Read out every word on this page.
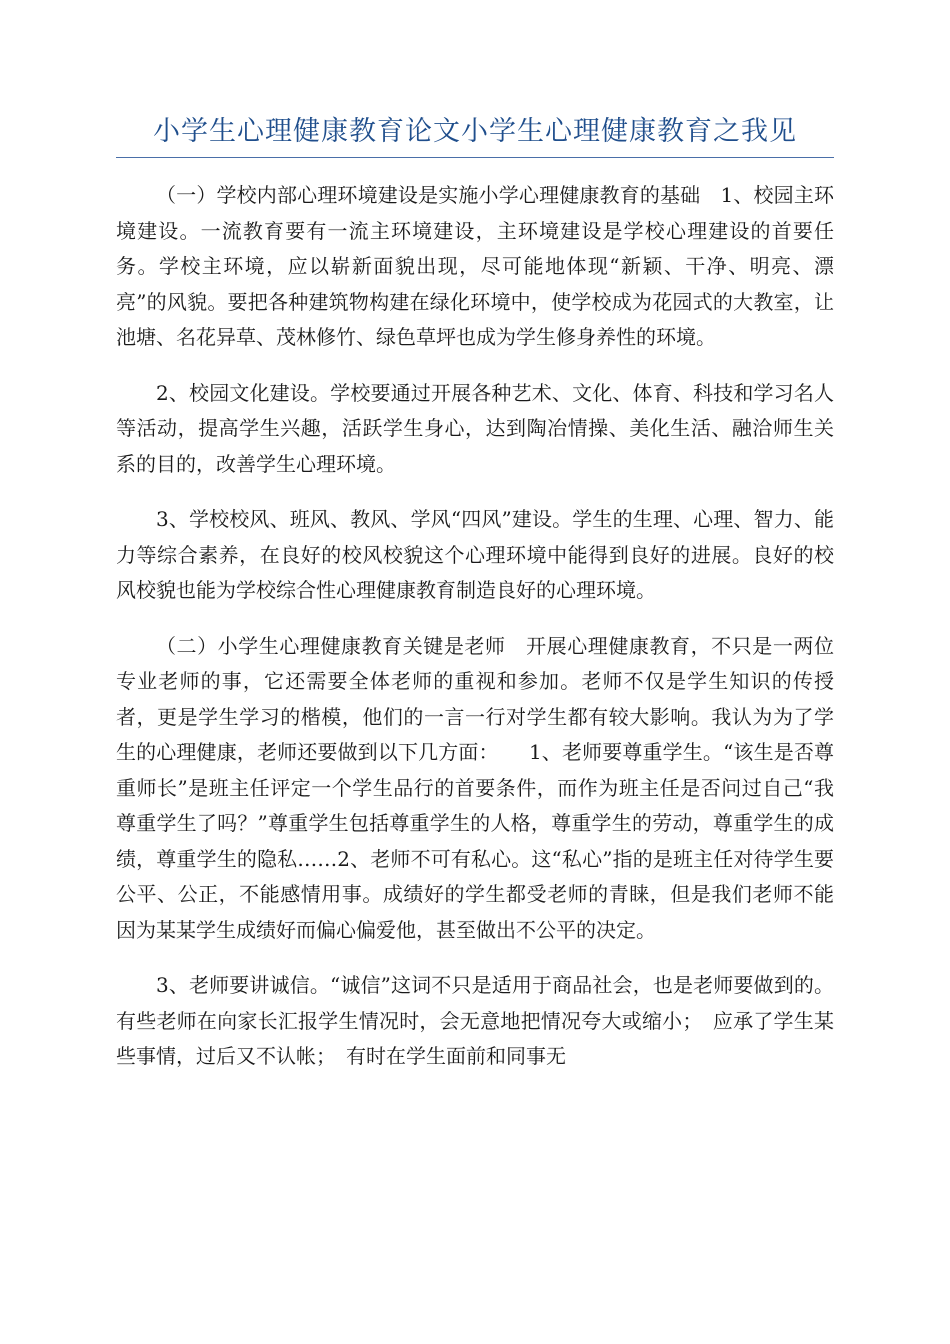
小学生心理健康教育论文小学生心理健康教育之我见

（一）学校内部心理环境建设是实施小学心理健康教育的基础　1、校园主环境建设。一流教育要有一流主环境建设，主环境建设是学校心理建设的首要任务。学校主环境，应以崭新面貌出现，尽可能地体现“新颖、干净、明亮、漂亮”的风貌。要把各种建筑物构建在绿化环境中，使学校成为花园式的大教室，让池塘、名花异草、茂林修竹、绿色草坪也成为学生修身养性的环境。

2、校园文化建设。学校要通过开展各种艺术、文化、体育、科技和学习名人等活动，提高学生兴趣，活跃学生身心，达到陶冶情操、美化生活、融洽师生关系的目的，改善学生心理环境。

3、学校校风、班风、教风、学风“四风”建设。学生的生理、心理、智力、能力等综合素养，在良好的校风校貌这个心理环境中能得到良好的进展。良好的校风校貌也能为学校综合性心理健康教育制造良好的心理环境。

（二）小学生心理健康教育关键是老师　开展心理健康教育，不只是一两位专业老师的事，它还需要全体老师的重视和参加。老师不仅是学生知识的传授者，更是学生学习的楷模，他们的一言一行对学生都有较大影响。我认为为了学生的心理健康，老师还要做到以下几方面：　　1、老师要尊重学生。“该生是否尊重师长”是班主任评定一个学生品行的首要条件，而作为班主任是否问过自己“我尊重学生了吗？”尊重学生包括尊重学生的人格，尊重学生的劳动，尊重学生的成绩，尊重学生的隐私……2、老师不可有私心。这“私心”指的是班主任对待学生要公平、公正，不能感情用事。成绩好的学生都受老师的青睐，但是我们老师不能因为某某学生成绩好而偏心偏爱他，甚至做出不公平的决定。

3、老师要讲诚信。“诚信”这词不只是适用于商品社会，也是老师要做到的。有些老师在向家长汇报学生情况时，会无意地把情况夸大或缩小；　应承了学生某些事情，过后又不认帐；　有时在学生面前和同事无
